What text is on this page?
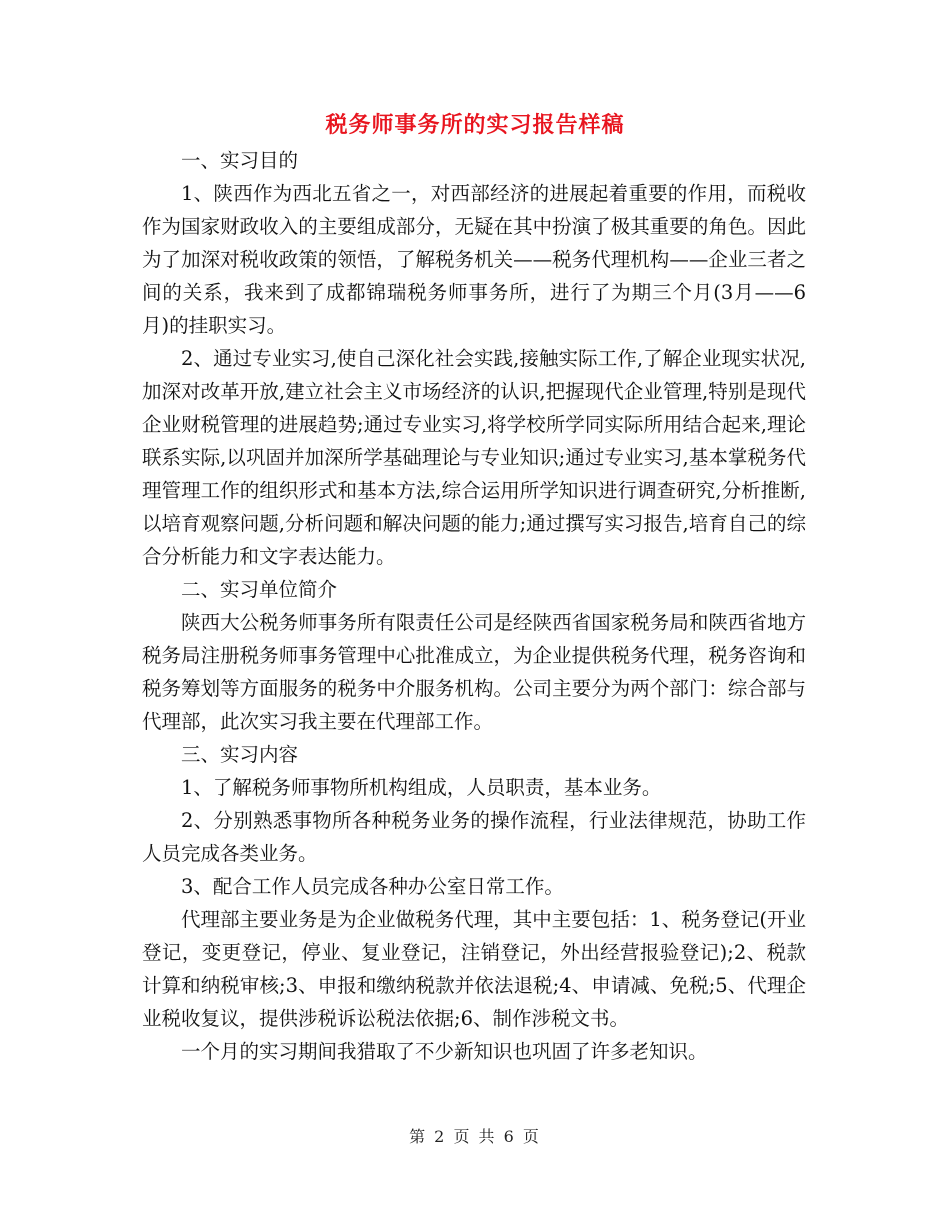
税务师事务所的实习报告样稿

一、实习目的

1、陕西作为西北五省之一，对西部经济的进展起着重要的作用，而税收作为国家财政收入的主要组成部分，无疑在其中扮演了极其重要的角色。因此为了加深对税收政策的领悟，了解税务机关——税务代理机构——企业三者之间的关系，我来到了成都锦瑞税务师事务所，进行了为期三个月(3月——6月)的挂职实习。

2、通过专业实习,使自己深化社会实践,接触实际工作,了解企业现实状况,加深对改革开放,建立社会主义市场经济的认识,把握现代企业管理,特别是现代企业财税管理的进展趋势;通过专业实习,将学校所学同实际所用结合起来,理论联系实际,以巩固并加深所学基础理论与专业知识;通过专业实习,基本掌税务代理管理工作的组织形式和基本方法,综合运用所学知识进行调查研究,分析推断,以培育观察问题,分析问题和解决问题的能力;通过撰写实习报告,培育自己的综合分析能力和文字表达能力。

二、实习单位简介

陕西大公税务师事务所有限责任公司是经陕西省国家税务局和陕西省地方税务局注册税务师事务管理中心批准成立，为企业提供税务代理，税务咨询和税务筹划等方面服务的税务中介服务机构。公司主要分为两个部门：综合部与代理部，此次实习我主要在代理部工作。

三、实习内容

1、了解税务师事物所机构组成，人员职责，基本业务。

2、分别熟悉事物所各种税务业务的操作流程，行业法律规范，协助工作人员完成各类业务。

3、配合工作人员完成各种办公室日常工作。

代理部主要业务是为企业做税务代理，其中主要包括：1、税务登记(开业登记，变更登记，停业、复业登记，注销登记，外出经营报验登记);2、税款计算和纳税审核;3、申报和缴纳税款并依法退税;4、申请减、免税;5、代理企业税收复议，提供涉税诉讼税法依据;6、制作涉税文书。

一个月的实习期间我猎取了不少新知识也巩固了许多老知识。

第 2 页 共 6 页
